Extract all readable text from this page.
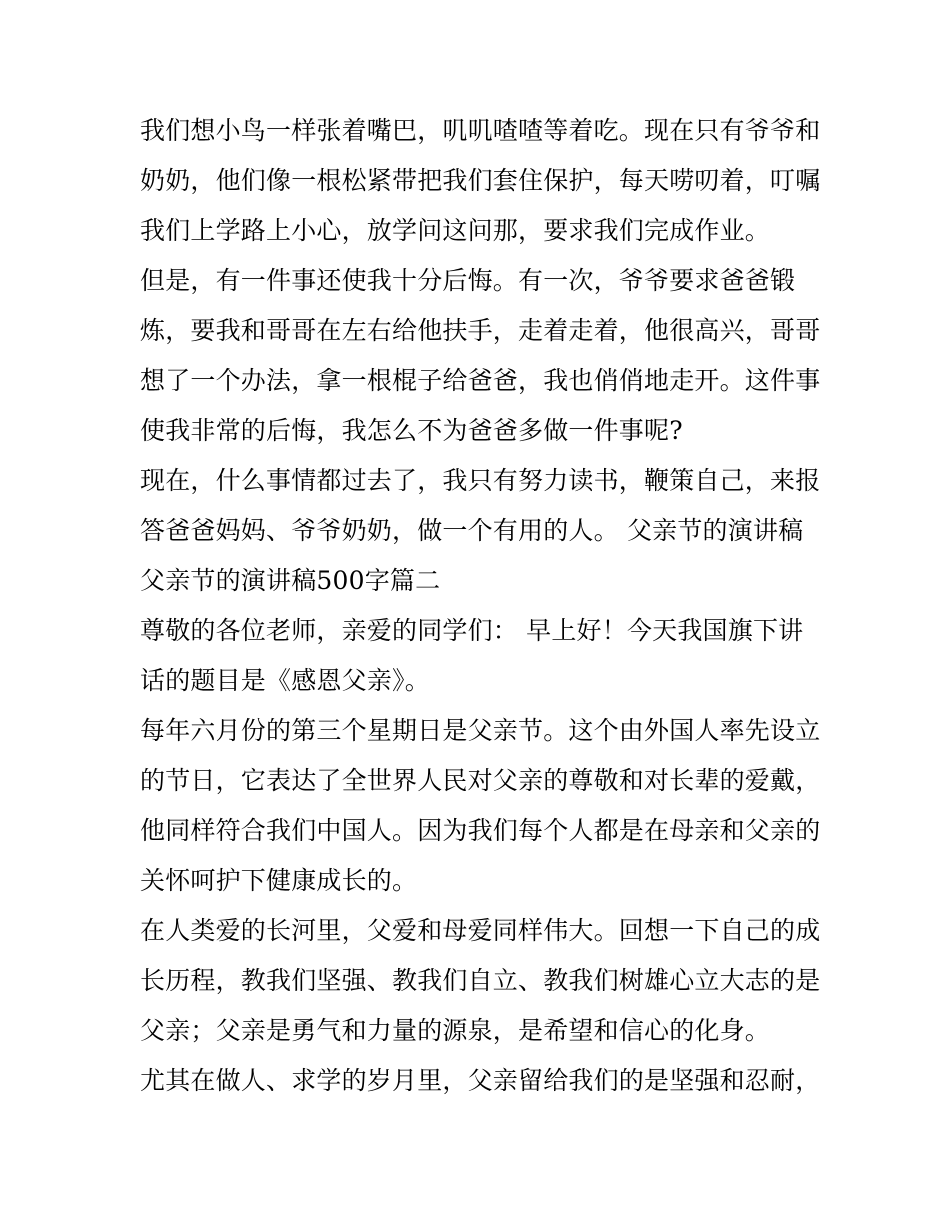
我们想小鸟一样张着嘴巴，叽叽喳喳等着吃。现在只有爷爷和
奶奶，他们像一根松紧带把我们套住保护，每天唠叨着，叮嘱
我们上学路上小心，放学问这问那，要求我们完成作业。
但是，有一件事还使我十分后悔。有一次，爷爷要求爸爸锻
炼，要我和哥哥在左右给他扶手，走着走着，他很高兴，哥哥
想了一个办法，拿一根棍子给爸爸，我也俏俏地走开。这件事
使我非常的后悔，我怎么不为爸爸多做一件事呢?
现在，什么事情都过去了，我只有努力读书，鞭策自己，来报
答爸爸妈妈、爷爷奶奶，做一个有用的人。 父亲节的演讲稿
父亲节的演讲稿500字篇二
尊敬的各位老师，亲爱的同学们： 早上好！今天我国旗下讲
话的题目是《感恩父亲》。
每年六月份的第三个星期日是父亲节。这个由外国人率先设立
的节日，它表达了全世界人民对父亲的尊敬和对长辈的爱戴，
他同样符合我们中国人。因为我们每个人都是在母亲和父亲的
关怀呵护下健康成长的。
在人类爱的长河里，父爱和母爱同样伟大。回想一下自己的成
长历程，教我们坚强、教我们自立、教我们树雄心立大志的是
父亲；父亲是勇气和力量的源泉，是希望和信心的化身。
尤其在做人、求学的岁月里，父亲留给我们的是坚强和忍耐，
